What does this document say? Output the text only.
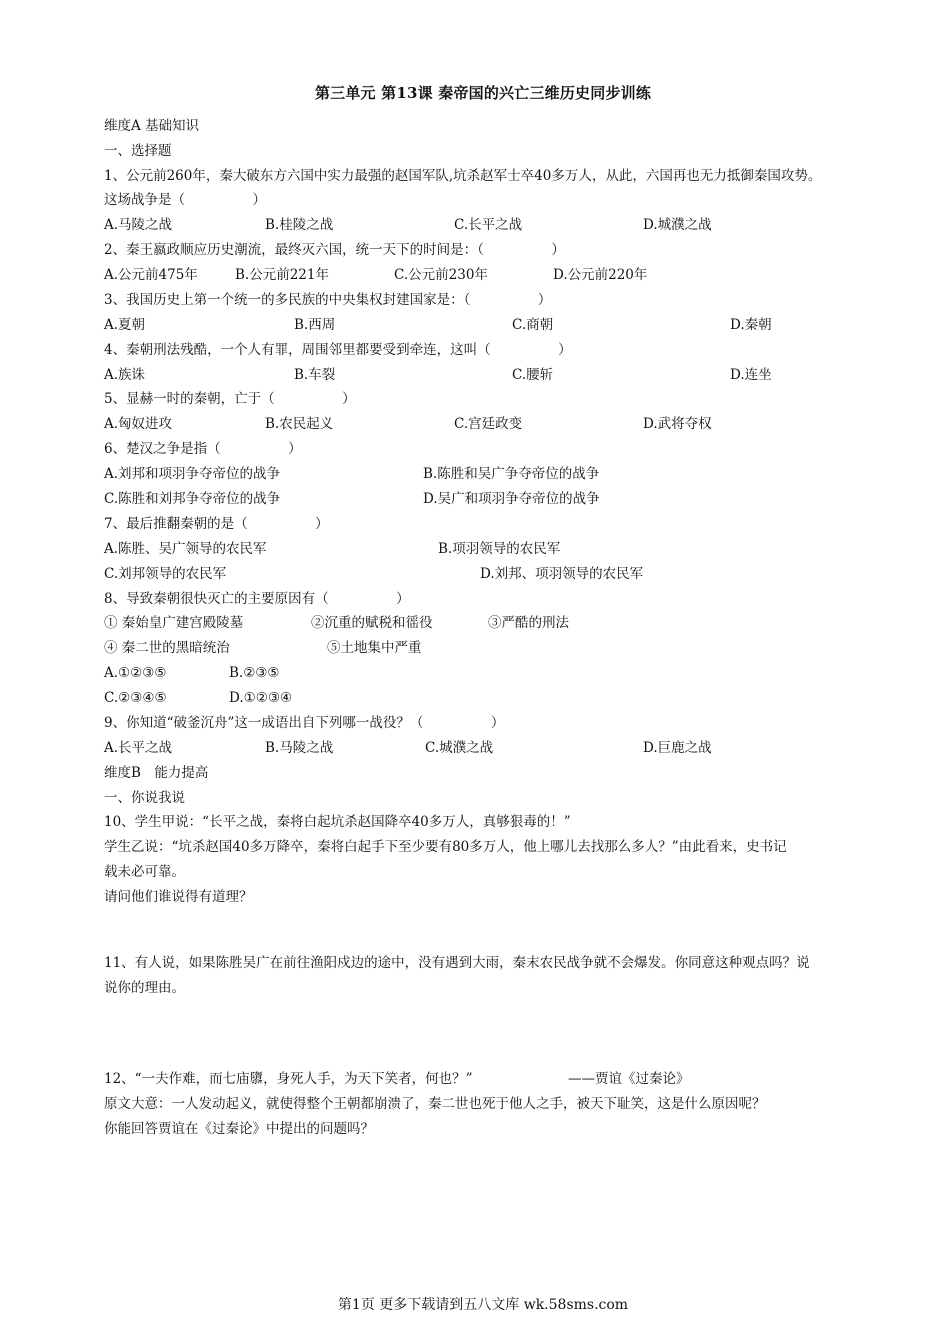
第三单元 第13课 秦帝国的兴亡三维历史同步训练
维度A 基础知识
一、选择题
1、公元前260年，秦大破东方六国中实力最强的赵国军队,坑杀赵军士卒40多万人，从此，六国再也无力抵御秦国攻势。
这场战争是（　　　　　）
A.马陵之战	B.桂陵之战	C.长平之战	D.城濮之战
2、秦王嬴政顺应历史潮流，最终灭六国，统一天下的时间是：（　　　　　）
A.公元前475年	B.公元前221年	C.公元前230年	D.公元前220年
3、我国历史上第一个统一的多民族的中央集权封建国家是：（　　　　　）
A.夏朝	B.西周	C.商朝	D.秦朝
4、秦朝刑法残酷，一个人有罪，周围邻里都要受到牵连，这叫（　　　　　）
A.族诛	B.车裂	C.腰斩	D.连坐
5、显赫一时的秦朝，亡于（　　　　　）
A.匈奴进攻	B.农民起义	C.宫廷政变	D.武将夺权
6、楚汉之争是指（　　　　　）
A.刘邦和项羽争夺帝位的战争	B.陈胜和吴广争夺帝位的战争
C.陈胜和刘邦争夺帝位的战争	D.吴广和项羽争夺帝位的战争
7、最后推翻秦朝的是（　　　　　）
A.陈胜、吴广领导的农民军	B.项羽领导的农民军
C.刘邦领导的农民军	D.刘邦、项羽领导的农民军
8、导致秦朝很快灭亡的主要原因有（　　　　　）
① 秦始皇广建宫殿陵墓	②沉重的赋税和徭役	③严酷的刑法
④ 秦二世的黑暗统治	⑤土地集中严重
A.①②③⑤	B.②③⑤
C.②③④⑤	D.①②③④
9、你知道“破釜沉舟”这一成语出自下列哪一战役？（　　　　　）
A.长平之战	B.马陵之战	C.城濮之战	D.巨鹿之战
维度B　能力提高
一、你说我说
10、学生甲说：“长平之战，秦将白起坑杀赵国降卒40多万人，真够狠毒的！”
学生乙说：“坑杀赵国40多万降卒，秦将白起手下至少要有80多万人，他上哪儿去找那么多人？”由此看来，史书记
载未必可靠。
请问他们谁说得有道理？
11、有人说，如果陈胜吴广在前往渔阳戍边的途中，没有遇到大雨，秦末农民战争就不会爆发。你同意这种观点吗？说
说你的理由。
12、“一夫作难，而七庙隳，身死人手，为天下笑者，何也？”	——贾谊《过秦论》
原文大意：一人发动起义，就使得整个王朝都崩溃了，秦二世也死于他人之手，被天下耻笑，这是什么原因呢？
你能回答贾谊在《过秦论》中提出的问题吗？
第1页 更多下载请到五八文库 wk.58sms.com
